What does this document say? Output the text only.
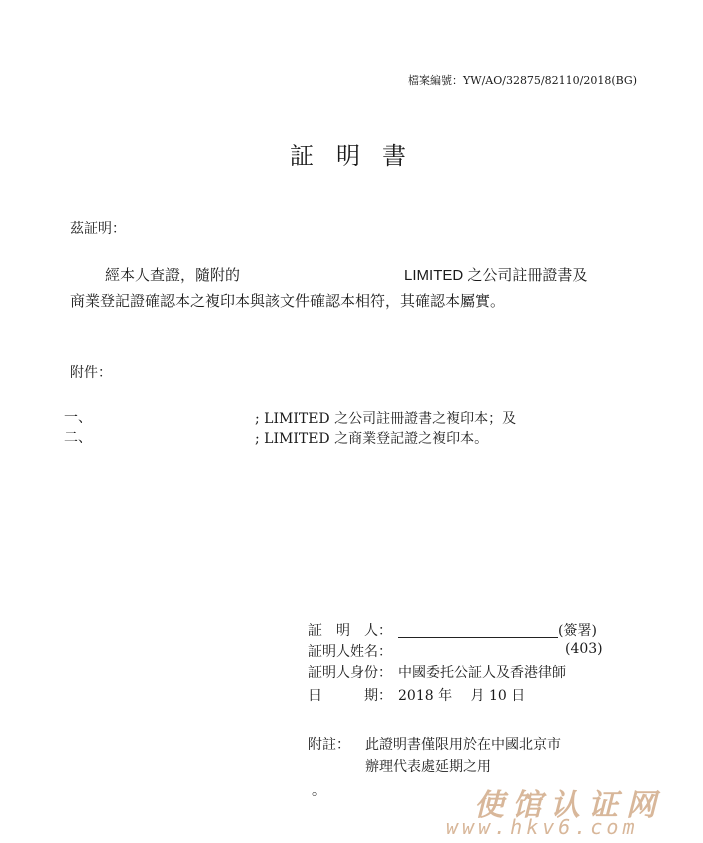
檔案編號：YW/AO/32875/82110/2018(BG)
証明書
茲証明：
經本人查證，隨附的	LIMITED 之公司註冊證書及
商業登記證確認本之複印本與該文件確認本相符，其確認本屬實。
附件：
一、	; LIMITED 之公司註冊證書之複印本；及
二、	; LIMITED 之商業登記證之複印本。
証　明　人：	(簽署)
証明人姓名：	(403)
証明人身份： 中國委托公証人及香港律師
日　　　期： 2018 年　 月 10 日
附註： 此證明書僅限用於在中國北京市
辦理代表處延期之用
。	使馆认证网
www.hkv6.com
